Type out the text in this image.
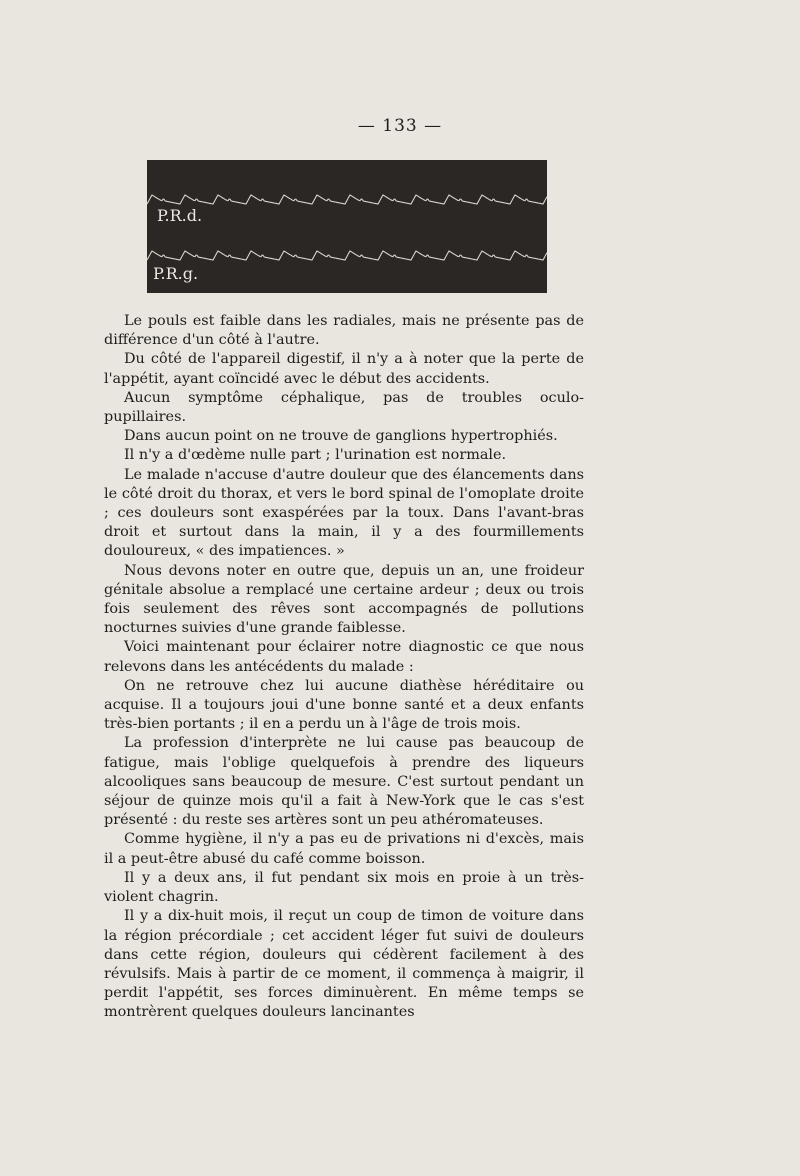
— 133 —
P.R.d.
P.R.g.

Le pouls est faible dans les radiales, mais ne présente pas de différence d'un côté à l'autre.

Du côté de l'appareil digestif, il n'y a à noter que la perte de l'appétit, ayant coïncidé avec le début des accidents.

Aucun symptôme céphalique, pas de troubles oculo-pupillaires.

Dans aucun point on ne trouve de ganglions hypertrophiés.

Il n'y a d'œdème nulle part ; l'urination est normale.

Le malade n'accuse d'autre douleur que des élancements dans le côté droit du thorax, et vers le bord spinal de l'omoplate droite ; ces douleurs sont exaspérées par la toux. Dans l'avant-bras droit et surtout dans la main, il y a des fourmillements douloureux, « des impatiences. »

Nous devons noter en outre que, depuis un an, une froideur génitale absolue a remplacé une certaine ardeur ; deux ou trois fois seulement des rêves sont accompagnés de pollutions nocturnes suivies d'une grande faiblesse.

Voici maintenant pour éclairer notre diagnostic ce que nous relevons dans les antécédents du malade :

On ne retrouve chez lui aucune diathèse héréditaire ou acquise. Il a toujours joui d'une bonne santé et a deux enfants très-bien portants ; il en a perdu un à l'âge de trois mois.

La profession d'interprète ne lui cause pas beaucoup de fatigue, mais l'oblige quelquefois à prendre des liqueurs alcooliques sans beaucoup de mesure. C'est surtout pendant un séjour de quinze mois qu'il a fait à New-York que le cas s'est présenté : du reste ses artères sont un peu athéromateuses.

Comme hygiène, il n'y a pas eu de privations ni d'excès, mais il a peut-être abusé du café comme boisson.

Il y a deux ans, il fut pendant six mois en proie à un très-violent chagrin.

Il y a dix-huit mois, il reçut un coup de timon de voiture dans la région précordiale ; cet accident léger fut suivi de douleurs dans cette région, douleurs qui cédèrent facilement à des révulsifs. Mais à partir de ce moment, il commença à maigrir, il perdit l'appétit, ses forces diminuèrent. En même temps se montrèrent quelques douleurs lancinantes
